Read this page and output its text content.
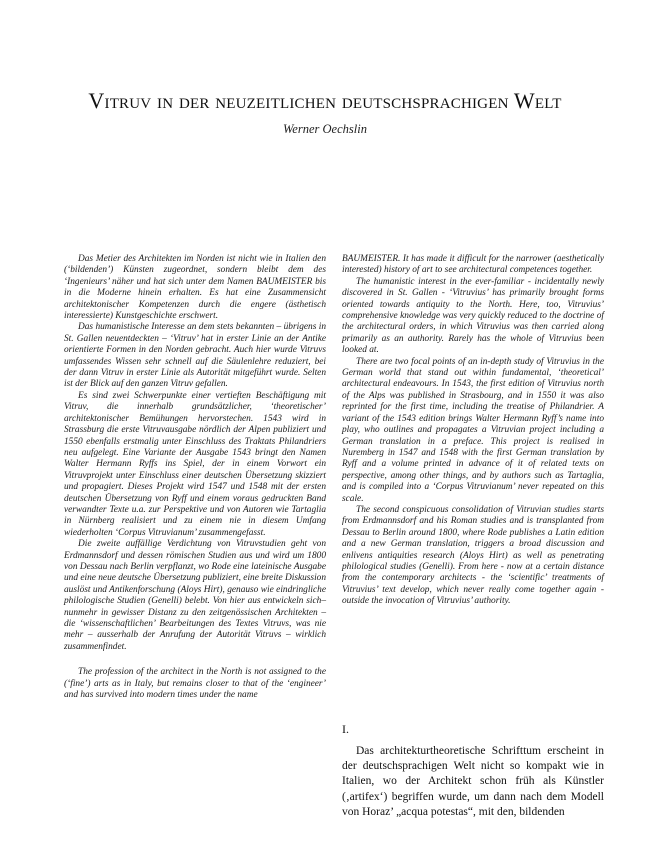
Vitruv in der neuzeitlichen deutschsprachigen Welt
Werner Oechslin

Das Metier des Architekten im Norden ist nicht wie in Italien den (‘bildenden’) Künsten zugeordnet, sondern bleibt dem des ‘Ingenieurs’ näher und hat sich unter dem Namen BAUMEISTER bis in die Moderne hinein erhalten. Es hat eine Zusammensicht architektonischer Kompetenzen durch die engere (ästhetisch interessierte) Kunstgeschichte erschwert.

Das humanistische Interesse an dem stets bekannten – übrigens in St. Gallen neuentdeckten – ‘Vitruv’ hat in erster Linie an der Antike orientierte Formen in den Norden gebracht. Auch hier wurde Vitruvs umfassendes Wissen sehr schnell auf die Säulenlehre reduziert, bei der dann Vitruv in erster Linie als Autorität mitgeführt wurde. Selten ist der Blick auf den ganzen Vitruv gefallen.

Es sind zwei Schwerpunkte einer vertieften Beschäftigung mit Vitruv, die innerhalb grundsätzlicher, ‘theoretischer’ architektonischer Bemühungen hervorstechen. 1543 wird in Strassburg die erste Vitruvausgabe nördlich der Alpen publiziert und 1550 ebenfalls erstmalig unter Einschluss des Traktats Philandriers neu aufgelegt. Eine Variante der Ausgabe 1543 bringt den Namen Walter Hermann Ryffs ins Spiel, der in einem Vorwort ein Vitruvprojekt unter Einschluss einer deutschen Übersetzung skizziert und propagiert. Dieses Projekt wird 1547 und 1548 mit der ersten deutschen Übersetzung von Ryff und einem voraus gedruckten Band verwandter Texte u.a. zur Perspektive und von Autoren wie Tartaglia in Nürnberg realisiert und zu einem nie in diesem Umfang wiederholten ‘Corpus Vitruvianum’ zusammengefasst.

Die zweite auffällige Verdichtung von Vitruvstudien geht von Erdmannsdorf und dessen römischen Studien aus und wird um 1800 von Dessau nach Berlin verpflanzt, wo Rode eine lateinische Ausgabe und eine neue deutsche Übersetzung publiziert, eine breite Diskussion auslöst und Antikenforschung (Aloys Hirt), genauso wie eindringliche philologische Studien (Genelli) belebt. Von hier aus entwickeln sich– nunmehr in gewisser Distanz zu den zeitgenössischen Architekten – die ‘wissenschaftlichen’ Bearbeitungen des Textes Vitruvs, was nie mehr – ausserhalb der Anrufung der Autorität Vitruvs – wirklich zusammenfindet.

The profession of the architect in the North is not assigned to the (‘fine’) arts as in Italy, but remains closer to that of the ‘engineer’ and has survived into modern times under the name

BAUMEISTER. It has made it difficult for the narrower (aesthetically interested) history of art to see architectural competences together.

The humanistic interest in the ever-familiar - incidentally newly discovered in St. Gallen - ‘Vitruvius’ has primarily brought forms oriented towards antiquity to the North. Here, too, Vitruvius’ comprehensive knowledge was very quickly reduced to the doctrine of the architectural orders, in which Vitruvius was then carried along primarily as an authority. Rarely has the whole of Vitruvius been looked at.

There are two focal points of an in-depth study of Vitruvius in the German world that stand out within fundamental, ‘theoretical’ architectural endeavours. In 1543, the first edition of Vitruvius north of the Alps was published in Strasbourg, and in 1550 it was also reprinted for the first time, including the treatise of Philandrier. A variant of the 1543 edition brings Walter Hermann Ryff’s name into play, who outlines and propagates a Vitruvian project including a German translation in a preface. This project is realised in Nuremberg in 1547 and 1548 with the first German translation by Ryff and a volume printed in advance of it of related texts on perspective, among other things, and by authors such as Tartaglia, and is compiled into a ‘Corpus Vitruvianum’ never repeated on this scale.

The second conspicuous consolidation of Vitruvian studies starts from Erdmannsdorf and his Roman studies and is transplanted from Dessau to Berlin around 1800, where Rode publishes a Latin edition and a new German translation, triggers a broad discussion and enlivens antiquities research (Aloys Hirt) as well as penetrating philological studies (Genelli). From here - now at a certain distance from the contemporary architects - the ‘scientific’ treatments of Vitruvius’ text develop, which never really come together again - outside the invocation of Vitruvius’ authority.

I.

Das architekturtheoretische Schrifttum erscheint in der deutschsprachigen Welt nicht so kompakt wie in Italien, wo der Architekt schon früh als Künstler (‚artifex‘) begriffen wurde, um dann nach dem Modell von Horaz’ „acqua potestas“, mit den, bildenden
